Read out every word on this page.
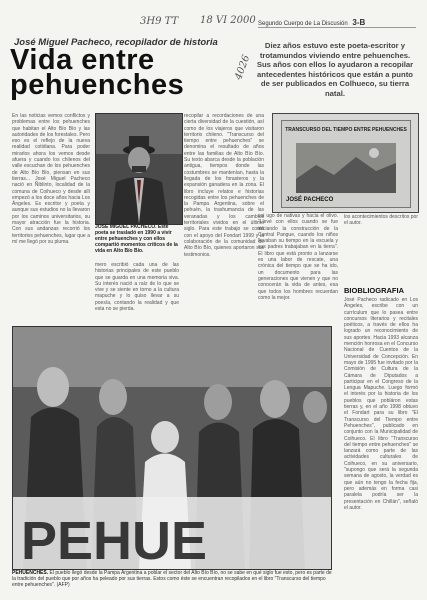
3H9 TT 18 VI 2000
4026
Segundo Cuerpo de La Discusión 3-B
José Miguel Pacheco, recopilador de historia
Vida entre pehuenches
Diez años estuvo este poeta-escritor y trotamundos viviendo entre pehuenches. Sus años con ellos lo ayudaron a recopilar antecedentes históricos que están a punto de ser publicados en Colhueco, su tierra natal.

En las noticias vemos conflictos y problemas entre los pehuenches que habitan el Alto Bío Bío y las autoridades de los forestales. Pero eso es el reflejo de la nueva realidad cotidiana. Para poder mirarlos ahora los vemos desde afuera y cuando los chilenos del valle escuchan de los pehuenches de Alto Bío Bío, piensan en sus tierras... José Miguel Pacheco nació en Ñiblinto, localidad de la comuna de Coihueco y desde allí empezó a los doce años hacia Los Ángeles. Es escritor y poeta y aunque sus estudios no la llevaron por los caminos universitarios, su mayor atracción fue la historia. Con sus andanzas recorrió los territorios pehuenches, lugar que a mí me llegó por su pluma.

mero escribió cada una de las historias principales de este pueblo que se guarda en una memoria viva. Su interés nació a raíz de lo que se vive y se siente en torno a la cultura mapuche y lo quiso llevar a su poesía, contando la realidad y que esta no se pierda.

recopilar a recordaciones de una cierta diversidad de la cuestión, así como de los viajeros que visitaron territorio chileno. "Transcurso del tiempo entre pehuenches" se denomina el resultado de años entre las familias de Alto Bío Bío. Su texto abarca desde la población antigua, tiempos donde las costumbres se mantenían, hasta la llegada de los forasteros y la expansión ganadera en la zona. El libro incluye relatos e historias recogidas entre los pehuenches de la Pampa Argentina, sobre el pehuén, la trashumancia de las veranadas y los cambios territoriales vividos en el último siglo. Para este trabajo se contó con el apoyo del Fondart 1999 y la colaboración de la comunidad de Alto Bío Bío, quienes aportaron sus testimonios.

coi ugo de nativas y hacia el olivo. "Llevé con ellos cuando se fue iniciando la construcción de la Central Pangue, cuando los niños llevaban su tiempo en la escuela y sus padres trabajaban en la tierra". El libro que está pronto a lanzarse es una labor de rescate, una crónica del tiempo que se ha ido, un documento para las generaciones que vienen y que no conocerán la vida de antes, esa que todos los hombres recuerdan como la mejor.

los acontecimientos descritos por el autor.

BIOBLIOGRAFIA

José Pacheco radicado en Los Ángeles, escribe con un currículum que lo pasea entre concursos literarios y recitales poéticos, a través de ellos ha logrado un reconocimiento de sus aportes. Hacia 1993 alcanza mención honrosa en el Concurso Nacional de Cuentos de la Universidad de Concepción. En mayo de 1995 fue invitado por la Comisión de Cultura de la Cámara de Diputados a participar en el Congreso de la Lengua Mapuche. Luego formó el interés por la historia de los pueblos que pobláron estas tierras y, en el año 1998 obtuvo el Fondart para su libro "El Transcurso del Tiempo entre Pehuenches", publicado en conjunto con la Municipalidad de Coihueco. El libro "Transcurso del tiempo entre pehuenches" se lanzará como parte de las actividades culturales de Coihueco, en su aniversario, "supongo que será la segunda semana de agosto, la verdad es que aún no tengo la fecha fija, pero además en forma casi paralela podría ser la presentación en Chillán", señaló el autor.

JOSÉ MIGUEL PACHECO. Este poeta se trasladó en 1990 a vivir entre pehuenches y con ellos compartió momentos críticos de la vida en Alto Bío Bío.
TRANSCURSO DEL TIEMPO ENTRE PEHUENCHES
JOSÉ PACHECO
PEHUE
PEHUENCHES. El pueblo llegó desde la Pampa Argentina a poblar el sector del Alto Bío Bío, no se sabe en qué siglo fue esto, pero es parte de la tradición del pueblo que por años ha peleado por sus tierras. Estos como éste se encuentran recopilados en el libro "Transcurso del tiempo entre pehuenches". (AFP)
